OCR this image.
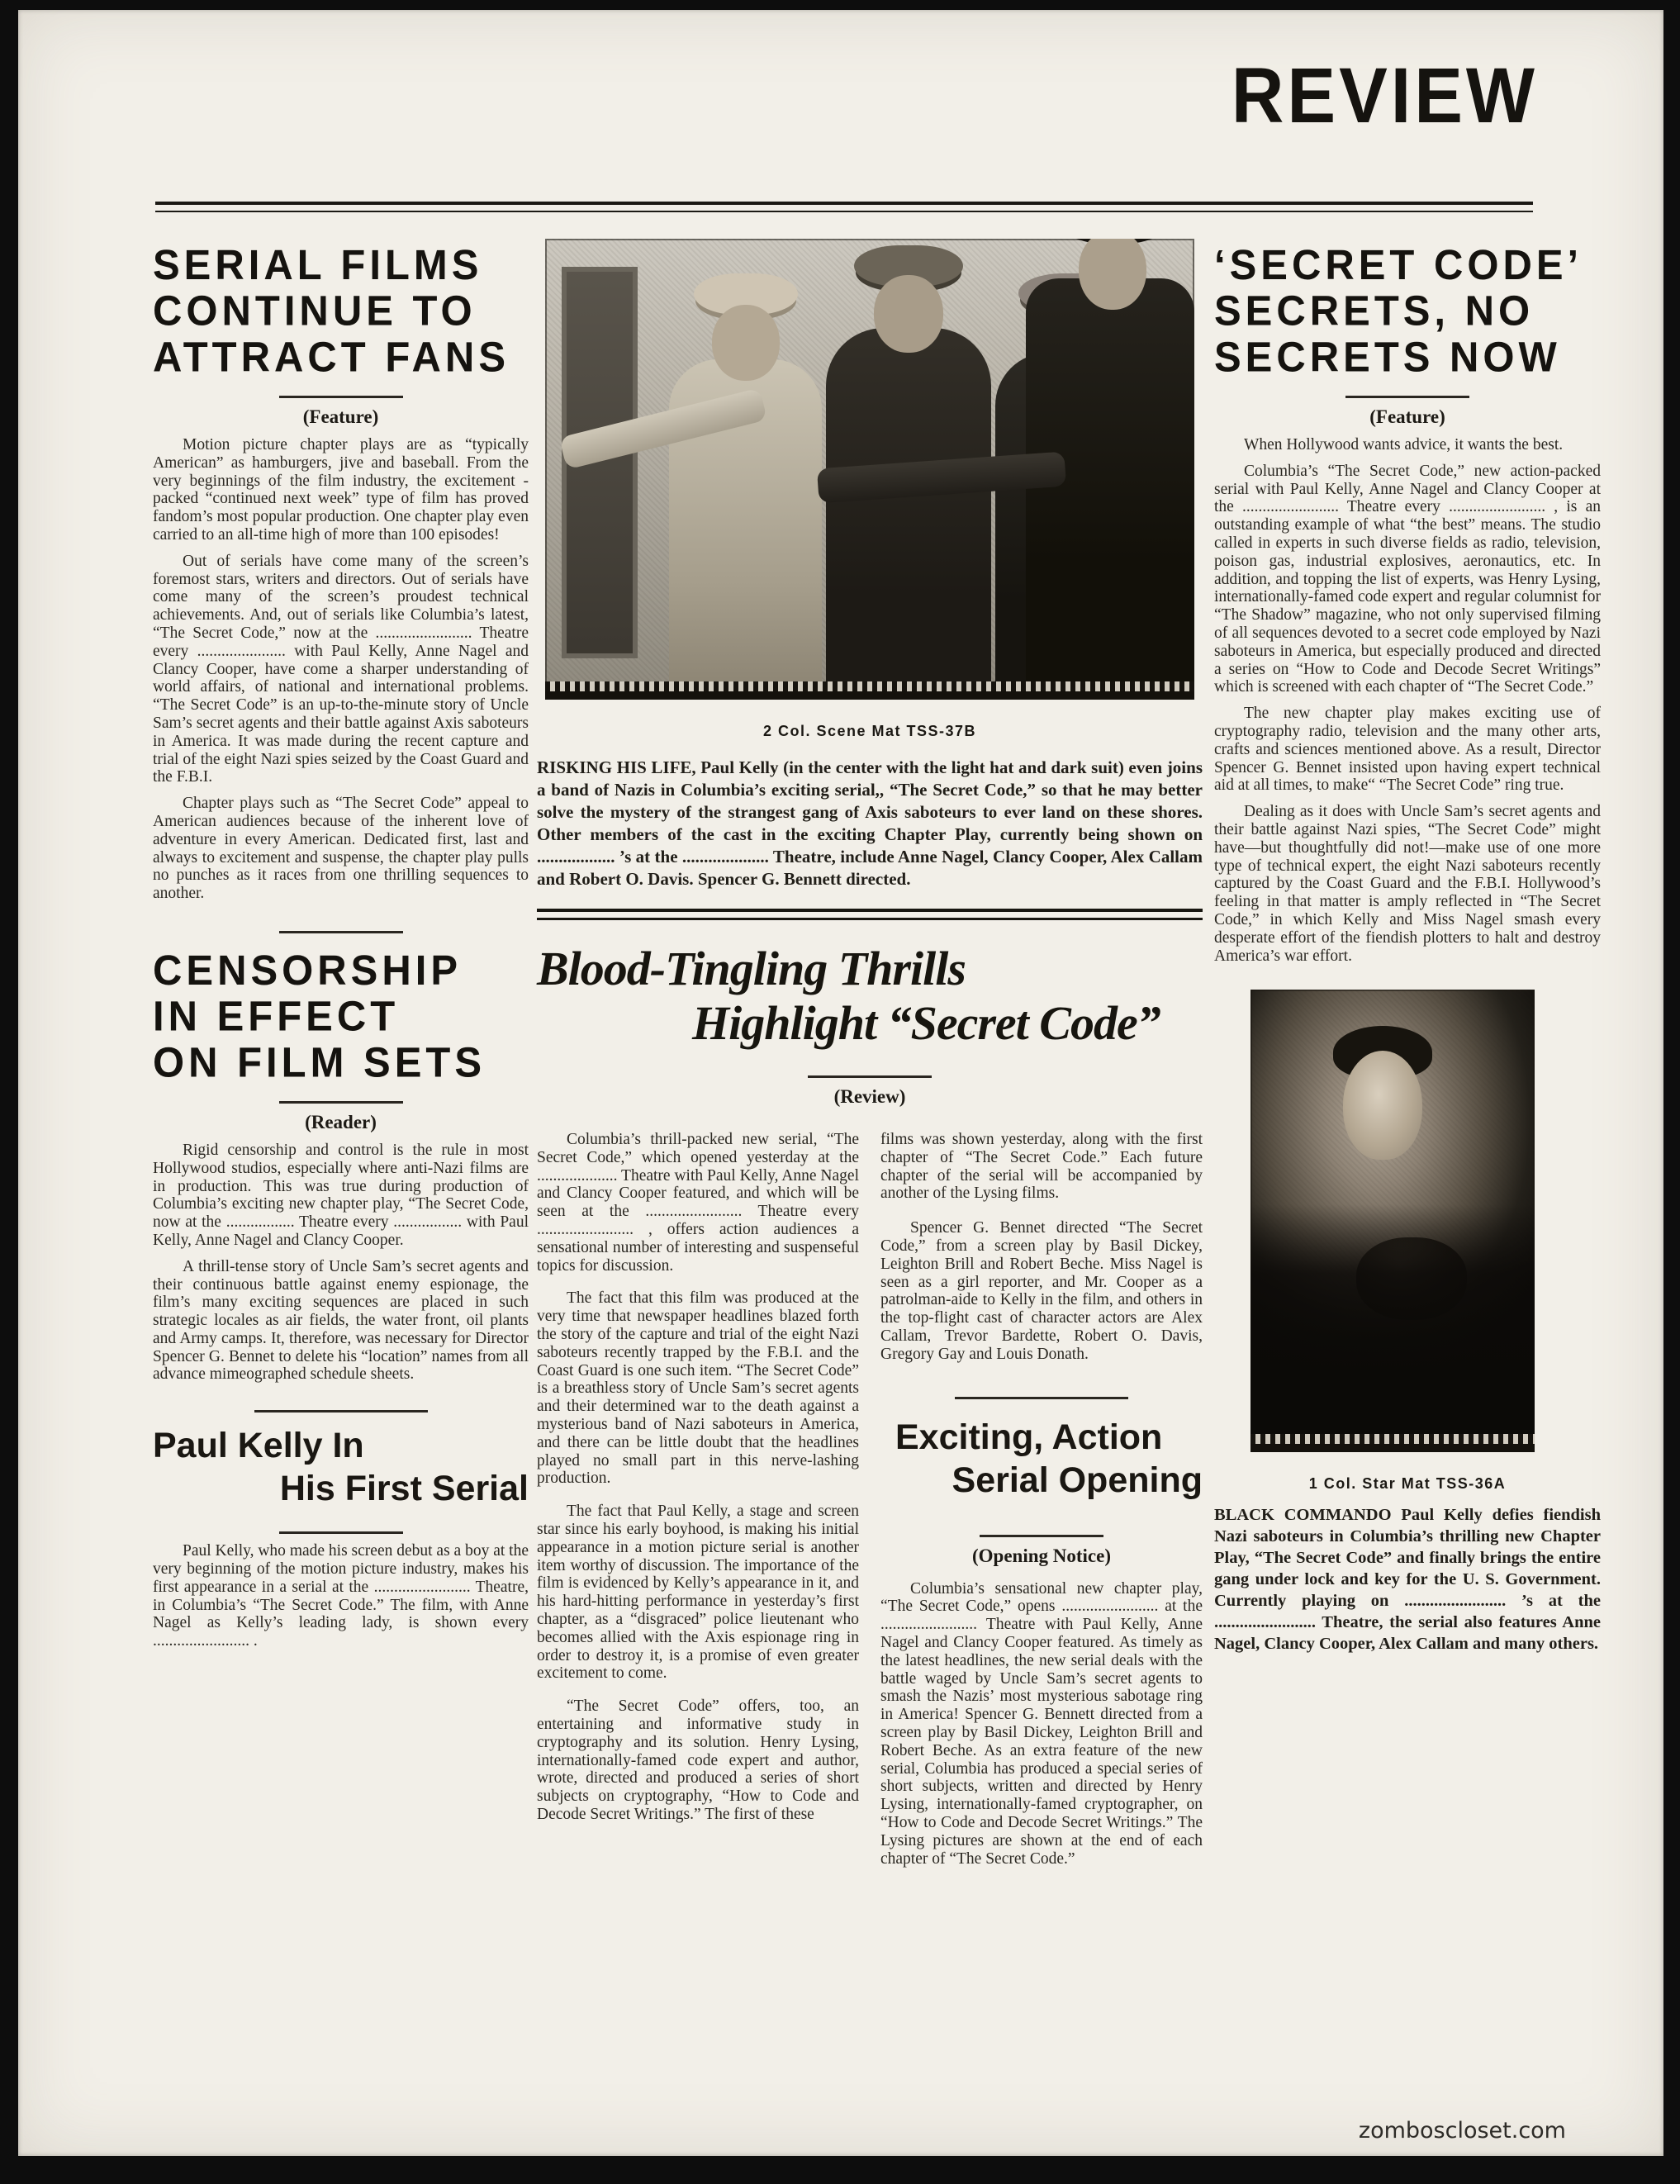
REVIEW
SERIAL FILMS
CONTINUE TO
ATTRACT FANS
(Feature)

Motion picture chapter plays are as “typically American” as hamburgers, jive and baseball. From the very beginnings of the film industry, the excitement - packed “continued next week” type of film has proved fandom’s most popular production. One chapter play even carried to an all-time high of more than 100 episodes!

Out of serials have come many of the screen’s foremost stars, writers and directors. Out of serials have come many of the screen’s proudest technical achievements. And, out of serials like Columbia’s latest, “The Secret Code,” now at the ........................ Theatre every ...................... with Paul Kelly, Anne Nagel and Clancy Cooper, have come a sharper understanding of world affairs, of national and international problems. “The Secret Code” is an up-to-the-minute story of Uncle Sam’s secret agents and their battle against Axis saboteurs in America. It was made during the recent capture and trial of the eight Nazi spies seized by the Coast Guard and the F.B.I.

Chapter plays such as “The Secret Code” appeal to American audiences because of the inherent love of adventure in every American. Dedicated first, last and always to excitement and suspense, the chapter play pulls no punches as it races from one thrilling sequences to another.

CENSORSHIP
IN EFFECT
ON FILM SETS
(Reader)

Rigid censorship and control is the rule in most Hollywood studios, especially where anti-Nazi films are in production. This was true during production of Columbia’s exciting new chapter play, “The Secret Code, now at the ................. Theatre every ................. with Paul Kelly, Anne Nagel and Clancy Cooper.

A thrill-tense story of Uncle Sam’s secret agents and their continuous battle against enemy espionage, the film’s many exciting sequences are placed in such strategic locales as air fields, the water front, oil plants and Army camps. It, therefore, was necessary for Director Spencer G. Bennet to delete his “location” names from all advance mimeographed schedule sheets.

Paul Kelly In
His First Serial

Paul Kelly, who made his screen debut as a boy at the very beginning of the motion picture industry, makes his first appearance in a serial at the ........................ Theatre, in Columbia’s “The Secret Code.” The film, with Anne Nagel as Kelly’s leading lady, is shown every ........................ .

2 Col. Scene Mat TSS-37B

RISKING HIS LIFE, Paul Kelly (in the center with the light hat and dark suit) even joins a band of Nazis in Columbia’s exciting serial,, “The Secret Code,” so that he may better solve the mystery of the strangest gang of Axis saboteurs to ever land on these shores. Other members of the cast in the exciting Chapter Play, currently being shown on .................. ’s at the .................... Theatre, include Anne Nagel, Clancy Cooper, Alex Callam and Robert O. Davis. Spencer G. Bennett directed.

Blood-Tingling Thrills
Highlight “Secret Code”
(Review)

Columbia’s thrill-packed new serial, “The Secret Code,” which opened yesterday at the .................... Theatre with Paul Kelly, Anne Nagel and Clancy Cooper featured, and which will be seen at the ........................ Theatre every ........................ , offers action audiences a sensational number of interesting and suspenseful topics for discussion.

The fact that this film was produced at the very time that newspaper headlines blazed forth the story of the capture and trial of the eight Nazi saboteurs recently trapped by the F.B.I. and the Coast Guard is one such item. “The Secret Code” is a breathless story of Uncle Sam’s secret agents and their determined war to the death against a mysterious band of Nazi saboteurs in America, and there can be little doubt that the headlines played no small part in this nerve-lashing production.

The fact that Paul Kelly, a stage and screen star since his early boyhood, is making his initial appearance in a motion picture serial is another item worthy of discussion. The importance of the film is evidenced by Kelly’s appearance in it, and his hard-hitting performance in yesterday’s first chapter, as a “disgraced” police lieutenant who becomes allied with the Axis espionage ring in order to destroy it, is a promise of even greater excitement to come.

“The Secret Code” offers, too, an entertaining and informative study in cryptography and its solution. Henry Lysing, internationally-famed code expert and author, wrote, directed and produced a series of short subjects on cryptography, “How to Code and Decode Secret Writings.” The first of these

films was shown yesterday, along with the first chapter of “The Secret Code.” Each future chapter of the serial will be accompanied by another of the Lysing films.

Spencer G. Bennet directed “The Secret Code,” from a screen play by Basil Dickey, Leighton Brill and Robert Beche. Miss Nagel is seen as a girl reporter, and Mr. Cooper as a patrolman-aide to Kelly in the film, and others in the top-flight cast of character actors are Alex Callam, Trevor Bardette, Robert O. Davis, Gregory Gay and Louis Donath.

Exciting, Action
Serial Opening
(Opening Notice)

Columbia’s sensational new chapter play, “The Secret Code,” opens ........................ at the ........................ Theatre with Paul Kelly, Anne Nagel and Clancy Cooper featured. As timely as the latest headlines, the new serial deals with the battle waged by Uncle Sam’s secret agents to smash the Nazis’ most mysterious sabotage ring in America! Spencer G. Bennett directed from a screen play by Basil Dickey, Leighton Brill and Robert Beche. As an extra feature of the new serial, Columbia has produced a special series of short subjects, written and directed by Henry Lysing, internationally-famed cryptographer, on “How to Code and Decode Secret Writings.” The Lysing pictures are shown at the end of each chapter of “The Secret Code.”

‘SECRET CODE’
SECRETS, NO
SECRETS NOW
(Feature)

When Hollywood wants advice, it wants the best.

Columbia’s “The Secret Code,” new action-packed serial with Paul Kelly, Anne Nagel and Clancy Cooper at the ........................ Theatre every ........................ , is an outstanding example of what “the best” means. The studio called in experts in such diverse fields as radio, television, poison gas, industrial explosives, aeronautics, etc. In addition, and topping the list of experts, was Henry Lysing, internationally-famed code expert and regular columnist for “The Shadow” magazine, who not only supervised filming of all sequences devoted to a secret code employed by Nazi saboteurs in America, but especially produced and directed a series on “How to Code and Decode Secret Writings” which is screened with each chapter of “The Secret Code.”

The new chapter play makes exciting use of cryptography radio, television and the many other arts, crafts and sciences mentioned above. As a result, Director Spencer G. Bennet insisted upon having expert technical aid at all times, to make“ “The Secret Code” ring true.

Dealing as it does with Uncle Sam’s secret agents and their battle against Nazi spies, “The Secret Code” might have—but thoughtfully did not!—make use of one more type of technical expert, the eight Nazi saboteurs recently captured by the Coast Guard and the F.B.I. Hollywood’s feeling in that matter is amply reflected in “The Secret Code,” in which Kelly and Miss Nagel smash every desperate effort of the fiendish plotters to halt and destroy America’s war effort.

1 Col. Star Mat TSS-36A

BLACK COMMANDO Paul Kelly defies fiendish Nazi saboteurs in Columbia’s thrilling new Chapter Play, “The Secret Code” and finally brings the entire gang under lock and key for the U. S. Government. Currently playing on ........................ ’s at the ........................ Theatre, the serial also features Anne Nagel, Clancy Cooper, Alex Callam and many others.

zomboscloset.com
